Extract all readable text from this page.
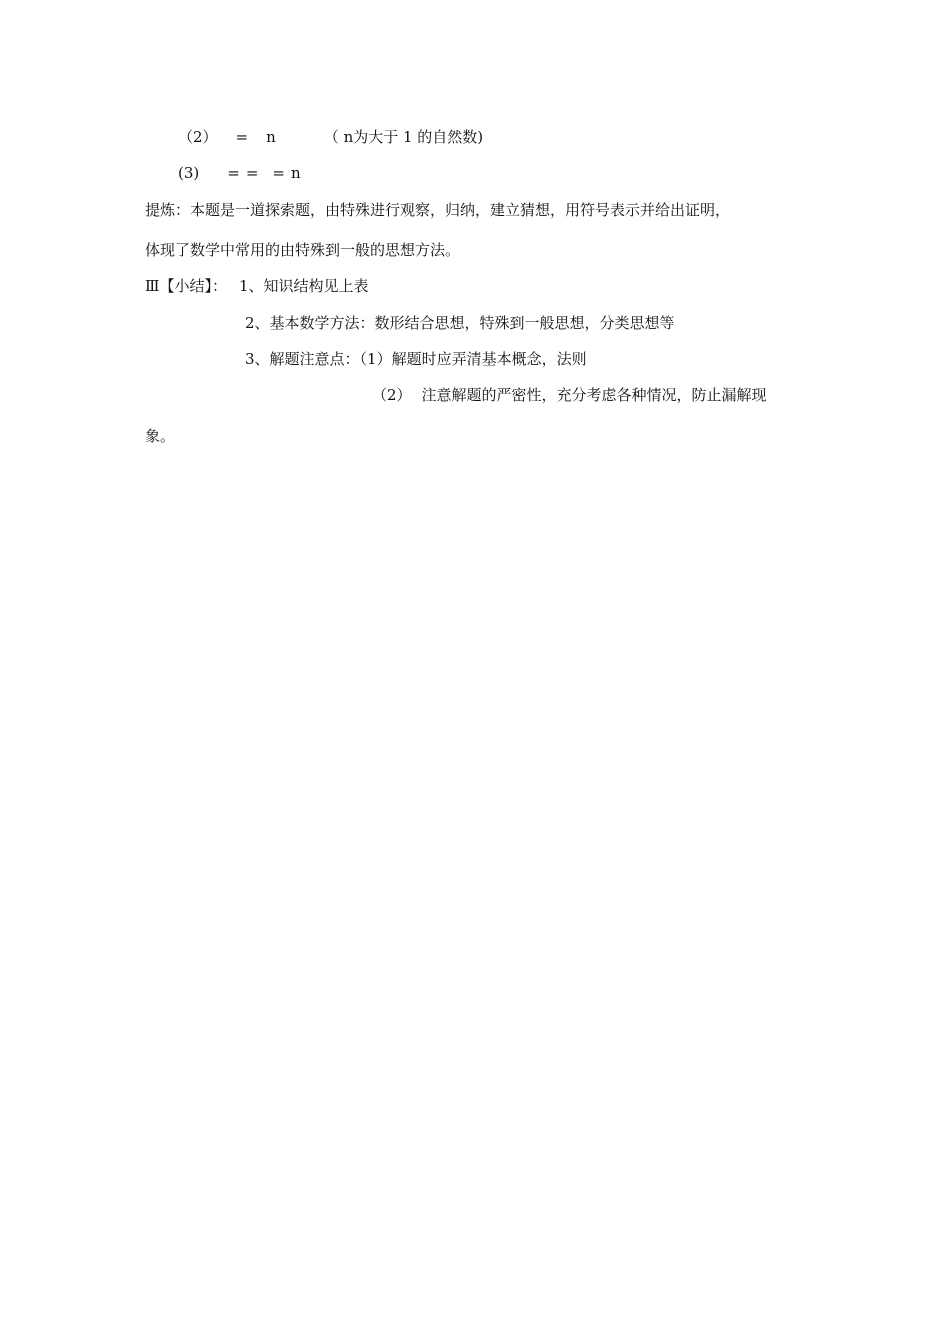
（2） = n	（ n为大于 1 的自然数)
(3) = = = n
提炼：本题是一道探索题，由特殊进行观察，归纳，建立猜想，用符号表示并给出证明，
体现了数学中常用的由特殊到一般的思想方法。
Ⅲ【小结】： 1、知识结构见上表
2、基本数学方法：数形结合思想，特殊到一般思想，分类思想等
3、解题注意点：（1）解题时应弄清基本概念，法则
（2） 注意解题的严密性，充分考虑各种情况，防止漏解现
象。
